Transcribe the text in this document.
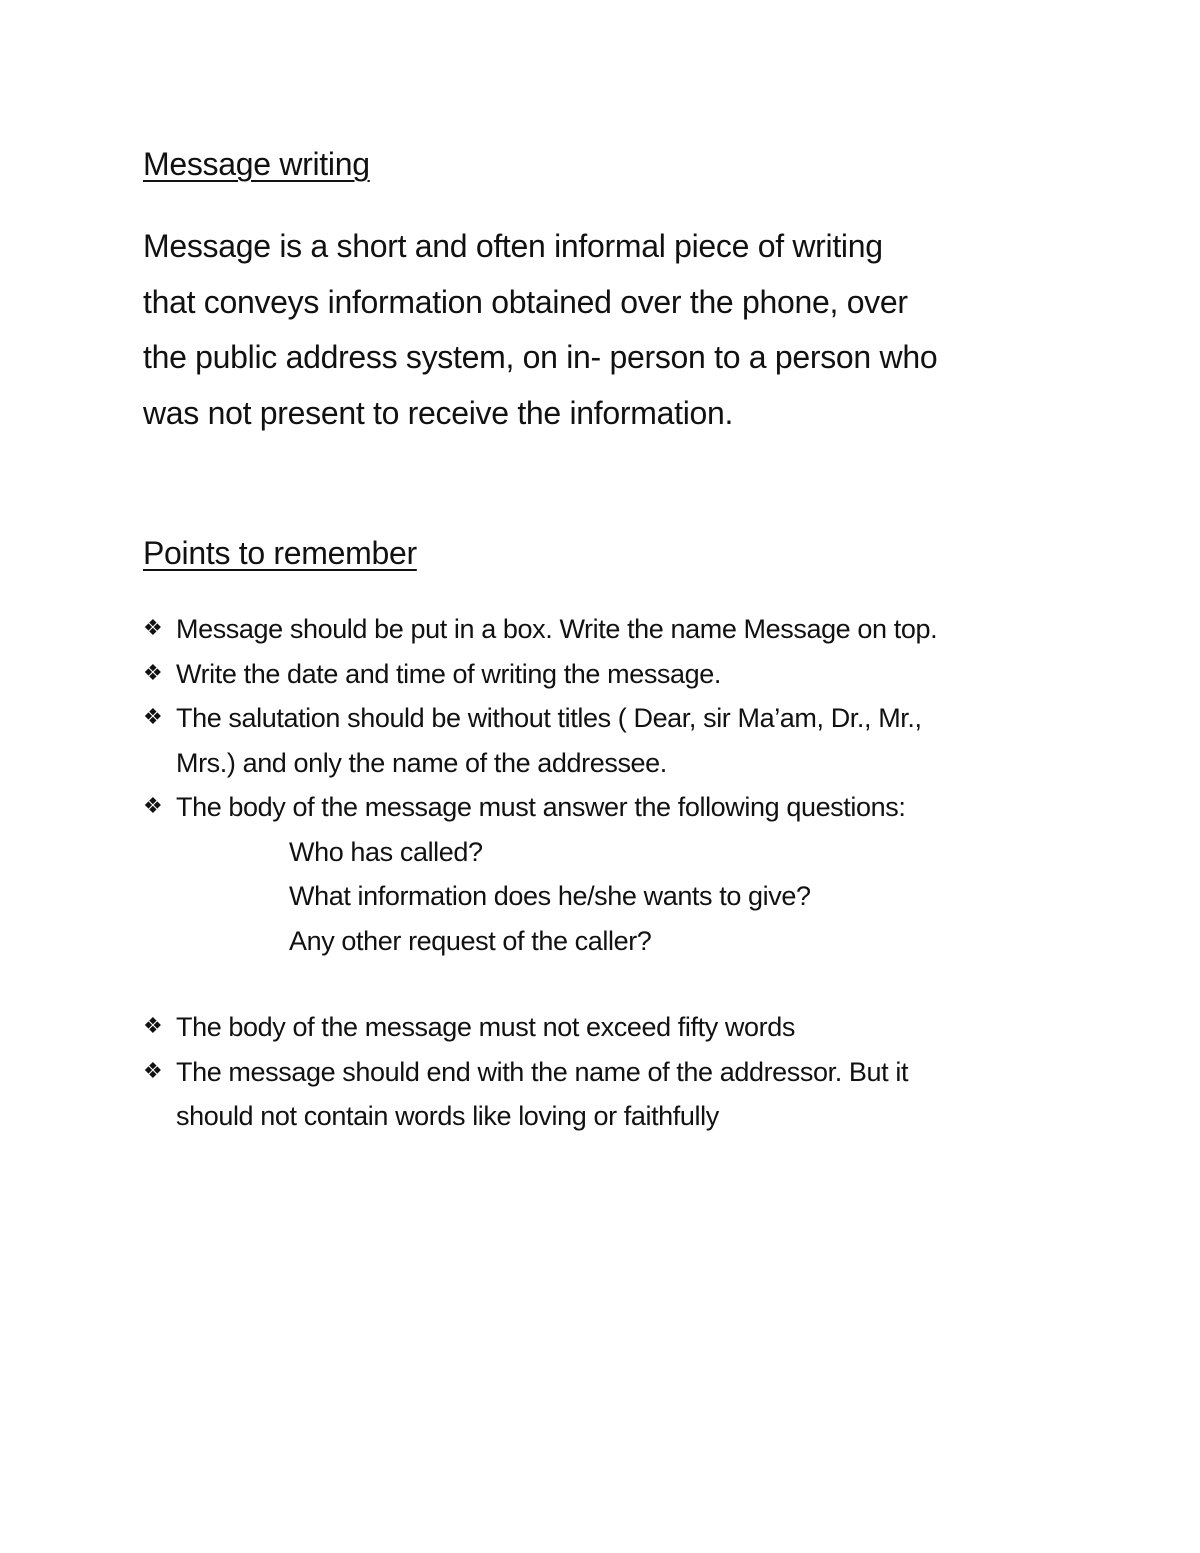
Message writing
Message is a short and often informal piece of writing
that conveys information obtained over the phone, over
the public address system, on in- person to a person who
was not present to receive the information.
Points to remember
❖ Message should be put in a box. Write the name Message on top.
❖ Write the date and time of writing the message.
❖ The salutation should be without titles ( Dear, sir Ma’am, Dr., Mr.,
Mrs.) and only the name of the addressee.
❖ The body of the message must answer the following questions:
Who has called?
What information does he/she wants to give?
Any other request of the caller?
❖ The body of the message must not exceed fifty words
❖ The message should end with the name of the addressor. But it
should not contain words like loving or faithfully
